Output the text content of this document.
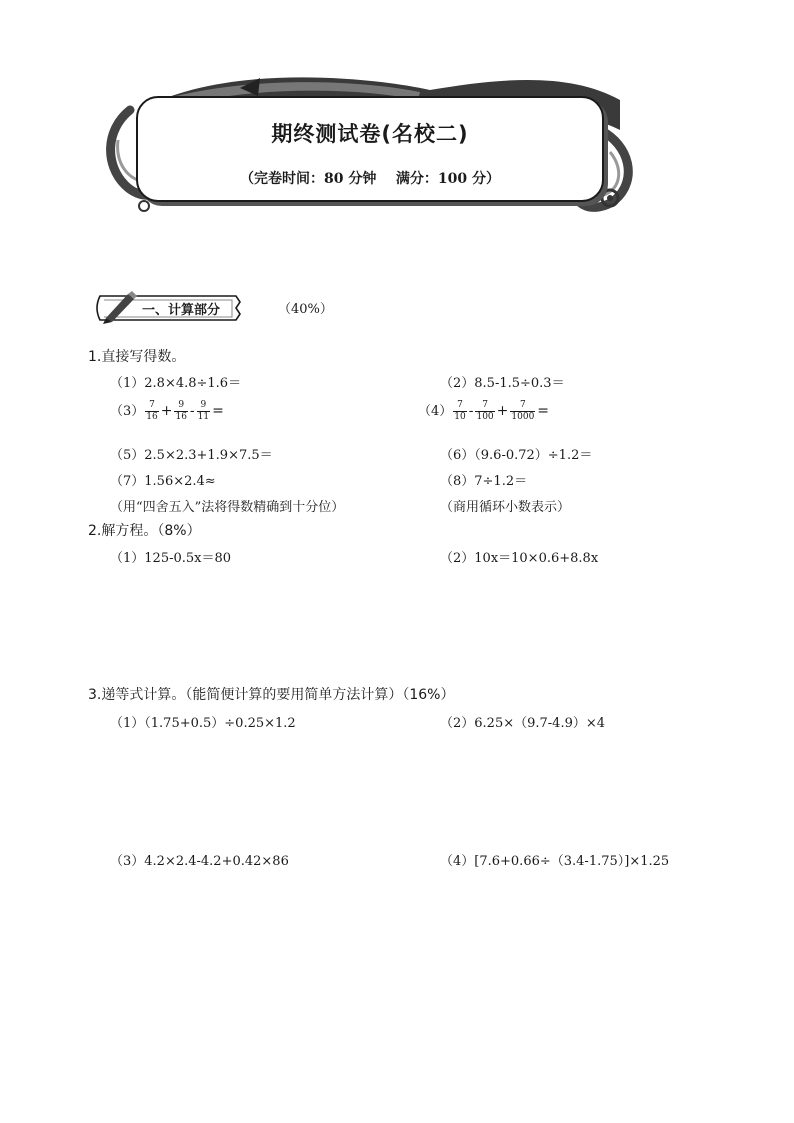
期终测试卷(名校二)
（完卷时间：80 分钟    满分：100 分）
一、计算部分	（40%）
1.直接写得数。
（1）2.8×4.8÷1.6＝	（2）8.5-1.5÷0.3＝
$(3) \frac{7}{16} + \frac{9}{16} - \frac{9}{11}$ =	$(4) \frac{7}{10} - \frac{7}{100} + \frac{7}{1000}$ =
（5）2.5×2.3+1.9×7.5＝	（6）（9.6-0.72）÷1.2＝
（7）1.56×2.4≈	（8）7÷1.2＝
（用“四舍五入”法将得数精确到十分位）	（商用循环小数表示）
2.解方程。（8%）
（1）125-0.5x＝80	（2）10x＝10×0.6+8.8x
3.递等式计算。（能简便计算的要用简单方法计算）（16%）
（1）（1.75+0.5）÷0.25×1.2	（2）6.25×（9.7-4.9）×4
（3）4.2×2.4-4.2+0.42×86	（4）[7.6+0.66÷（3.4-1.75）]×1.25
